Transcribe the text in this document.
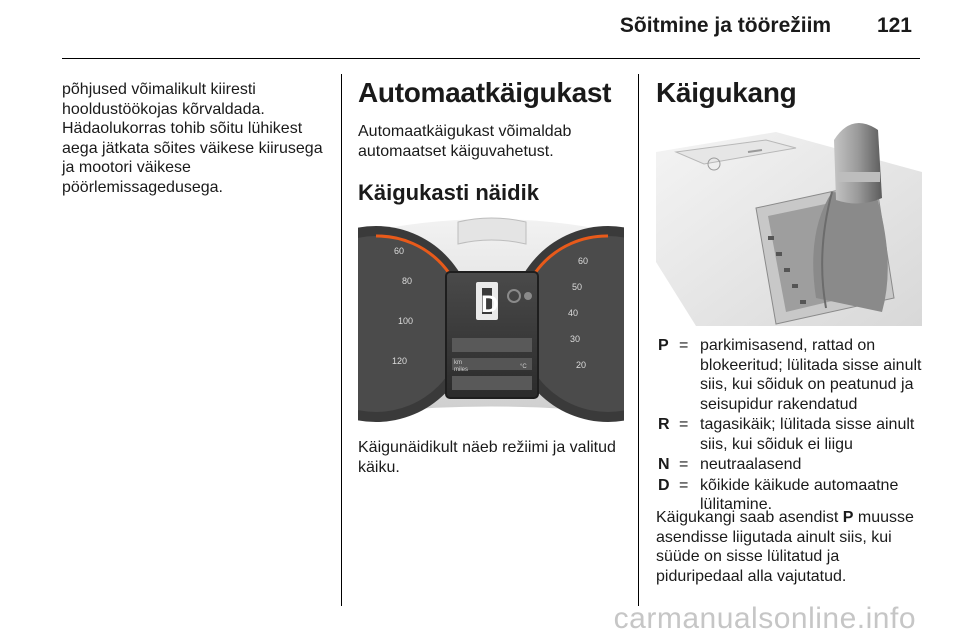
Sõitmine ja töörežiim 121
põhjused võimalikult kiiresti hooldustöökojas kõrvaldada. Hädaolukorras tohib sõitu lühikest aega jätkata sõites väikese kiirusega ja mootori väikese pöörlemissagedusega.
Automaatkäigukast
Automaatkäigukast võimaldab automaatset käiguvahetust.
Käigukasti näidik
60
80
100
120
60
50
40
30
20
km
miles	°C
D
Käigunäidikult näeb režiimi ja valitud käiku.
Käigukang
P = parkimisasend, rattad on blokeeritud; lülitada sisse ainult siis, kui sõiduk on peatunud ja seisupidur rakendatud
R = tagasikäik; lülitada sisse ainult siis, kui sõiduk ei liigu
N = neutraalasend
D = kõikide käikude automaatne lülitamine.
Käigukangi saab asendist P muusse asendisse liigutada ainult siis, kui süüde on sisse lülitatud ja piduripedaal alla vajutatud.
carmanualsonline.info
